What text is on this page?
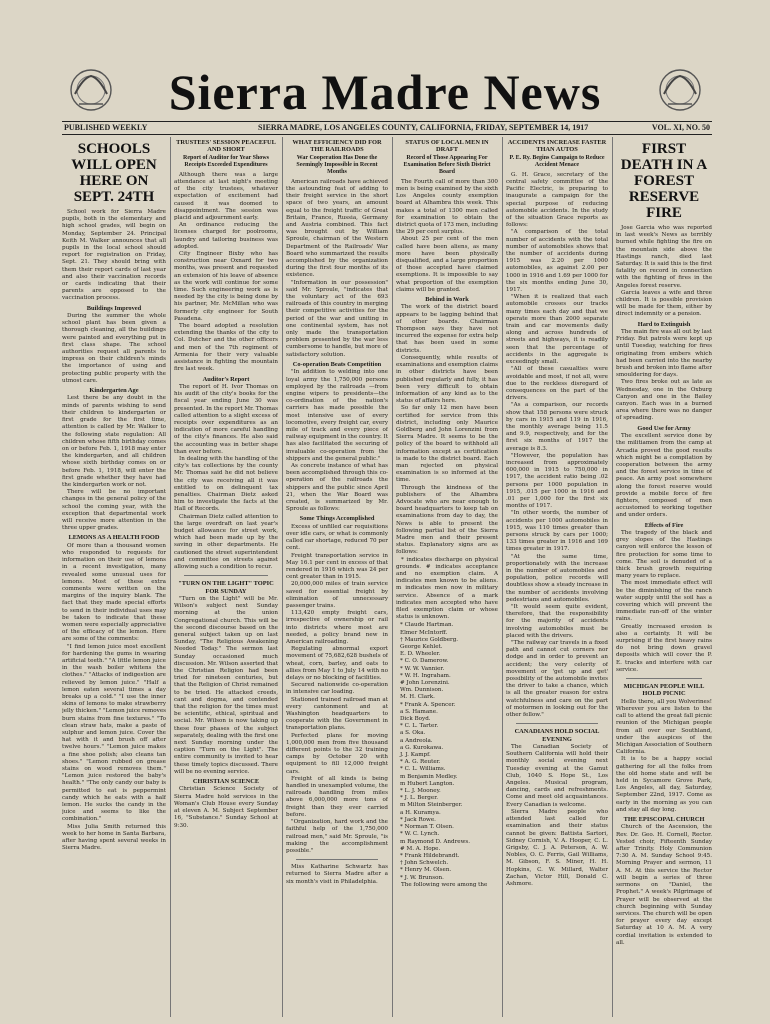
Sierra Madre News
PUBLISHED WEEKLY	SIERRA MADRE, LOS ANGELES COUNTY, CALIFORNIA, FRIDAY, SEPTEMBER 14, 1917	VOL. XI, NO. 50
SCHOOLS WILL OPEN HERE ON SEPT. 24TH
School work for Sierra Madre pupils, both in the elementary and high school grades, will begin on Monday, September 24. Principal Keith M. Walker announces that all pupils in the local school should report for registration on Friday, Sept. 21. They should bring with them their report cards of last year and also their vaccination records or cards indicating that their parents are opposed to the vaccination process.
Buildings Improved
During the summer the whole school plant has been given a thorough cleaning, all the buildings were painted and everything put in first class shape. The school authorities request all parents to impress on their children's minds the importance of using and protecting public property with the utmost care.
Kindergarten Age
Lest there be any doubt in the minds of parents wishing to send their children to kindergarten or first grade for the first time, attention is called by Mr. Walker to the following state regulation: All children whose fifth birthday comes on or before Feb. 1, 1918 may enter the kindergarten, and all children whose sixth birthday comes on or before Feb. 1, 1918, will enter the first grade whether they have had the kindergarten work or not.
There will be no important changes in the general policy of the school the coming year, with the exception that departmental work will receive more attention in the three upper grades.
LEMONS AS A HEALTH FOOD
Of more than a thousand women who responded to requests for information on their use of lemons in a recent investigation, many revealed some unusual uses for lemons. Most of these extra comments were written on the margins of the inquiry blank. The fact that they made special efforts to send in their individual uses may be taken to indicate that these women were especially appreciative of the efficacy of the lemon. Here are some of the comments:
"I find lemon juice most excellent for hardening the gums in wearing artificial teeth." "A little lemon juice in the wash boiler whitens the clothes." "Attacks of indigestion are relieved by lemon juice." "Half a lemon eaten several times a day breaks up a cold." "I use the inner skins of lemons to make strawberry jelly thicken." "Lemon juice removes burn stains from fine textures." "To clean straw hats, make a paste of sulphur and lemon juice. Cover the hat with it and brush off after twelve hours." "Lemon juice makes a fine shoe polish; also cleans tan shoes." "Lemon rubbed on grease stains on wood removes them." "Lemon juice restored the baby's health." "The only candy our baby is permitted to eat is peppermint candy which he eats with a half lemon. He sucks the candy in the juice and seems to like the combination."
Miss Julia Smith returned this week to her home in Santa Barbara, after having spent several weeks in Sierra Madre.
TRUSTEES' SESSION PEACEFUL AND SHORT
Report of Auditor for Year Shows Receipts Exceeded Expenditures
Although there was a large attendance at last night's meeting of the city trustees, whatever expectation of excitement had caused it was doomed to disappointment. The session was placid and adjournment early.
An ordinance reducing the licenses charged for poolrooms, laundry and tailoring business was adopted.
City Engineer Bixby who has construction near Oxnard for two months, was present and requested an extension of his leave of absence as the work will continue for some time. Such engineering work as is needed by the city is being done by his partner, Mr. McMillan who was formerly city engineer for South Pasadena.
The board adopted a resolution extending the thanks of the city to Col. Dutcher and the other officers and men of the 7th regiment of Armenia for their very valuable assistance in fighting the mountain fire last week.
Auditor's Report
The report of H. Ivor Thomas on his audit of the city's books for the fiscal year ending June 30 was presented. In the report Mr. Thomas called attention to a slight excess of receipts over expenditures as an indication of more careful handling of the city's finances. He also said the accounting was in better shape than ever before.
In dealing with the handling of the city's tax collections by the county Mr. Thomas said he did not believe the city was receiving all it was entitled to on delinquent tax penalties. Chairman Dietz asked him to investigate the facts at the Hall of Records.
Chairman Dietz called attention to the large overdraft on last year's budget allowance for street work, which had been made up by the saving in other departments. He cautioned the street superintendent and committee on streets against allowing such a condition to recur.
"TURN ON THE LIGHT" TOPIC FOR SUNDAY
"Turn on the Light" will be Mr. Wilson's subject next Sunday morning at the union Congregational church. This will be the second discourse based on the general subject taken up on last Sunday, "The Religious Awakening Needed Today." The sermon last Sunday occasioned much discussion. Mr. Wilson asserted that the Christian Religion had been tried for nineteen centuries, but that the Religion of Christ remained to be tried. He attacked creeds, cant and dogma, and contended that the religion for the times must be scientific, ethical, spiritual and social. Mr. Wilson is now taking up these four phases of the subject separately, dealing with the first one next Sunday morning under the caption "Turn on the Light". The entire community is invited to hear these timely topics discussed. There will be no evening service.
CHRISTIAN SCIENCE
Christian Science Society of Sierra Madre hold services in the Woman's Club House every Sunday at eleven A. M. Subject September 16, "Substance." Sunday School at 9:30.
WHAT EFFICIENCY DID FOR THE RAILROADS
War Cooperation Has Done the Seemingly Impossible in Recent Months
American railroads have achieved the astounding feat of adding to their freight service in the short space of two years, an amount equal to the freight traffic of Great Britain, France, Russia, Germany and Austria combined. This fact was brought out by William Sproule, chairman of the Western Department of the Railroads' War Board who summarized the results accomplished by the organization during the first four months of its existence.
"Information in our possession" said Mr. Sproule, "indicates that the voluntary act of the 693 railroads of this country in merging their competitive activities for the period of the war and uniting in one continental system, has not only made the transportation problem presented by the war less cumbersome to handle, but more of satisfactory solution.
Co-operation Beats Competition
"In addition to welding into one loyal army the 1,750,000 persons employed by the railroads —from engine wipers to presidents—the co-ordination of the nation's carriers has made possible the most intensive use of every locomotive, every freight car, every mile of track and every piece of railway equipment in the country. It has also facilitated the securing of invaluable co-operation from the shippers and the general public."
As concrete instance of what has been accomplished through this co-operation of the railroads the shippers and the public since April 21, when the War Board was created, is summarized by Mr. Sproule as follows:
Some Things Accomplished
Excess of unfilled car requisitions over idle cars, or what is commonly called car shortage, reduced 70 per cent.
Freight transportation service in May 16.1 per cent in excess of that rendered in 1916 which was 24 per cent greater than in 1915.
20,000,000 miles of train service saved for essential freight by elimination of unnecessary passenger trains.
113,420 empty freight cars, irrespective of ownership or rail into districts where most are needed, a policy brand new in American railroading.
Regulating abnormal export movement of 75,682,628 bushels of wheat, corn, barley, and oats to allies from May 1 to July 14 with no delays or no blocking of facilities.
Secured nationwide co-operation in intensive car loading.
Stationed trained railroad man at every cantonment and at Washington headquarters to cooperate with the Government in transportation plans.
Perfected plans for moving 1,000,000 men from five thousand different points to the 32 training camps by October 20 with equipment to fill 12,000 freight cars.
Freight of all kinds is being handled in unexampled volume, the railroads handling from miles above 6,000,000 more tons of freight than they ever carried before.
"Organization, hard work and the faithful help of the 1,750,000 railroad men," said Mr. Sproule, "is making the accomplishment possible."
Miss Katharine Schwartz has returned to Sierra Madre after a six month's visit in Philadelphia.
STATUS OF LOCAL MEN IN DRAFT
Record of Those Appearing For Examination Before Sixth District Board
The Fourth call of more than 300 men is being examined by the sixth Los Angeles county exemption board at Alhambra this week. This makes a total of 1300 men called for examination to obtain the district quota of 173 men, including the 29 per cent surplus.
About 25 per cent of the men called have been aliens, as many more have been physically disqualified, and a large proportion of those accepted have claimed exemptions. It is impossible to say what proportion of the exemption claims will be granted.
Behind in Work
The work of the district board appears to be lagging behind that of other boards. Chairman Thompson says they have not incurred the expense for extra help that has been used in some districts.
Consequently, while results of examinations and exemption claims in other districts have been published regularly and fully, it has been very difficult to obtain information of any kind as to the status of affairs here.
So far only 12 men have been certified for service from this district, including only Maurice Goldberg and John Lorenzini from Sierra Madre. It seems to be the policy of the board to withhold all information except as certification is made to the district board. Each man rejected on physical examination is so informed at the time.
Through the kindness of the publishers of the Alhambra Advocate who are near enough to board headquarters to keep tab on examinations from day to day, the News is able to present the following partial list of the Sierra Madre men and their present status. Explanatory signs are as follows:
* indicates discharge on physical grounds. # indicates acceptance and no exemption claim. A indicates men known to be aliens. m indicates men now in military service. Absence of a mark indicates men accepted who have filed exemption claim or whose status is unknown.
* Claude Hartman.
Elmer McIntorff.
† Maurice Goldberg.
George Kehlet.
E. D. Wheeler.
* C. O. Damerow.
* W. W. Vannier.
* W. H. Ingraham.
# John Lorenzini.
Wm. Dunnison.
M. H. Clark.
* Frank A. Spencer.
a S. Hamane.
Dick Boyd.
* C. L. Tarter.
a S. Oka.
a Andreola.
a G. Kurokawa.
J. J. Kampf.
* A. G. Reuter.
* C. L. Williams.
m Benjamin Medley.
m Hubert Langton.
* L. J. Mooney.
* J. L. Berger.
m Milton Steinberger.
a H. Kuramya.
* Jack Rowe.
* Norman T. Olsen.
* W. C. Lynch.
m Raymond D. Andrews.
# M. A. Hope.
* Frank Hildebrandt.
† John Schwelch.
* Henry M. Olsen.
* J. W. Brunson.
The following were among the
ACCIDENTS INCREASE FASTER THAN AUTOS
P. E. Ry. Begins Campaign to Reduce Accident Menace
G. H. Grace, secretary of the central safety committee of the Pacific Electric, is preparing to inaugurate a campaign for the special purpose of reducing automobile accidents. In the study of the situation Grace reports as follows:
"A comparison of the total number of accidents with the total number of automobiles shows that the number of accidents during 1915 was 2.20 per 1000 automobiles, as against 2.00 per 1000 in 1916 and 1.69 per 1000 for the six months ending June 30, 1917.
"When it is realized that each automobile crosses our tracks many times each day and that we operate more than 2000 separate train and car movements daily along and across hundreds of streets and highways, it is readily seen that the percentage of accidents in the aggregate is exceedingly small.
"All of these casualties were avoidable and most, if not all, were due to the reckless disregard of consequences on the part of the drivers.
"As a comparison, our records show that 158 persons were struck by cars in 1915 and 119 in 1916, the monthly average being 11.5 and 9.9, respectively, and for the first six months of 1917 the average is 8.3.
"However, the population has increased from approximately 600,000 in 1915 to 750,000 in 1917, the accident ratio being .02 persons per 1000 population in 1915, .015 per 1000 in 1916 and .01 per 1,000 for the first six months of 1917.
"In other words, the number of accidents per 1000 automobiles in 1915, was 110 times greater than persons struck by cars per 1000; 133 times greater in 1916 and 169 times greater in 1917.
"At the same time, proportionately with the increase in the number of automobiles and population, police records will doubtless show a steady increase in the number of accidents involving pedestrians and automobiles.
"It would seem quite evident, therefore, that the responsibility for the majority of accidents involving automobiles must be placed with the drivers.
"The railway car travels in a fixed path and cannot cut corners nor dodge and in order to prevent an accident; the very celerity of movement or 'get up and get' possibility of the automobile invites the driver to take a chance, which is all the greater reason for extra watchfulness and care on the part of motormen in looking out for the other fellow."
CANADIANS HOLD SOCIAL EVENING
The Canadian Society of Southern California will hold their monthly social evening next Tuesday evening at the Gamut Club, 1040 S. Hope St., Los Angeles. Musical program, dancing, cards and refreshments. Come and meet old acquaintances. Every Canadian is welcome.
Sierra Madre people who attended last called for examination and their status cannot be given: Battista Sartori, Sidney Cornish, V. A. Hooper, C. L. Grigsby, C. J. A. Peterson, A. W. Nobles, O. C. Ferris, Gail Williams, M. Gibson, F. S. Miner, H. H. Hopkins, C. W. Millard, Walter Zachan, Victor Hill, Donald C. Ashmore.
FIRST DEATH IN A FOREST RESERVE FIRE
Jose Garcia who was reported in last week's News as terribly burned while fighting the fire on the mountain side above the Hastings ranch, died last Saturday. It is said this is the first fatality on record in connection with the fighting of fires in the Angeles forest reserve.
Garcia leaves a wife and three children. It is possible provision will be made for them, either by direct indemnity or a pension.
Hard to Extinguish
The main fire was all out by last Friday. But patrols were kept up until Tuesday, watching for fires originating from embers which had been carried into the nearby brush and broken into flame after smouldering for days.
Two fires broke out as late as Wednesday, one in the Oxburg Canyon and one in the Bailey canyon. Each was in a burned area where there was no danger of spreading.
Good Use for Army
The excellent service done by the militiamen from the camp at Arcadia proved the good results which might be a compilation by cooperation between the army and the forest service in time of peace. An army post somewhere along the forest reserve would provide a mobile force of fire fighters, composed of men accustomed to working together and under orders.
Effects of Fire
The tragedy of the black and grey slopes of the Hastings canyon will enforce the lesson of fire protection for some time to come. The soil is denuded of a thick brush growth requiring many years to replace.
The most immediate effect will be the diminishing of the ranch water supply until the soil has a covering which will prevent the immediate run-off of the winter rains.
Greatly increased erosion is also a certainty. It will be surprising if the first heavy rains do not bring down gravel deposits which will cover the P. E. tracks and interfere with car service.
MICHIGAN PEOPLE WILL HOLD PICNIC
Hello there, all you Wolverines! Wherever you are listen to the call to attend the great fall picnic reunion of the Michigan people from all over our Southland, under the auspices of the Michigan Association of Southern California.
It is to be a happy social gathering for all the folks from the old home state and will be held in Sycamore Grove Park, Los Angeles, all day, Saturday, September 22nd, 1917. Come as early in the morning as you can and stay all day long.
THE EPISCOPAL CHURCH
Church of the Ascension, the Rev. Dr. Geo. H. Cornell, Rector. Vested choir, Fifteenth Sunday after Trinity. Holy Communion 7:30 A. M. Sunday School 9:45. Morning Prayer and sermon, 11 A. M. At this service the Rector will begin a series of three sermons on "Daniel, the Prophet." A week's Pilgrimage of Prayer will be observed at the church beginning with Sunday services. The church will be open for prayer every day except Saturday at 10 A. M. A very cordial invitation is extended to all.
